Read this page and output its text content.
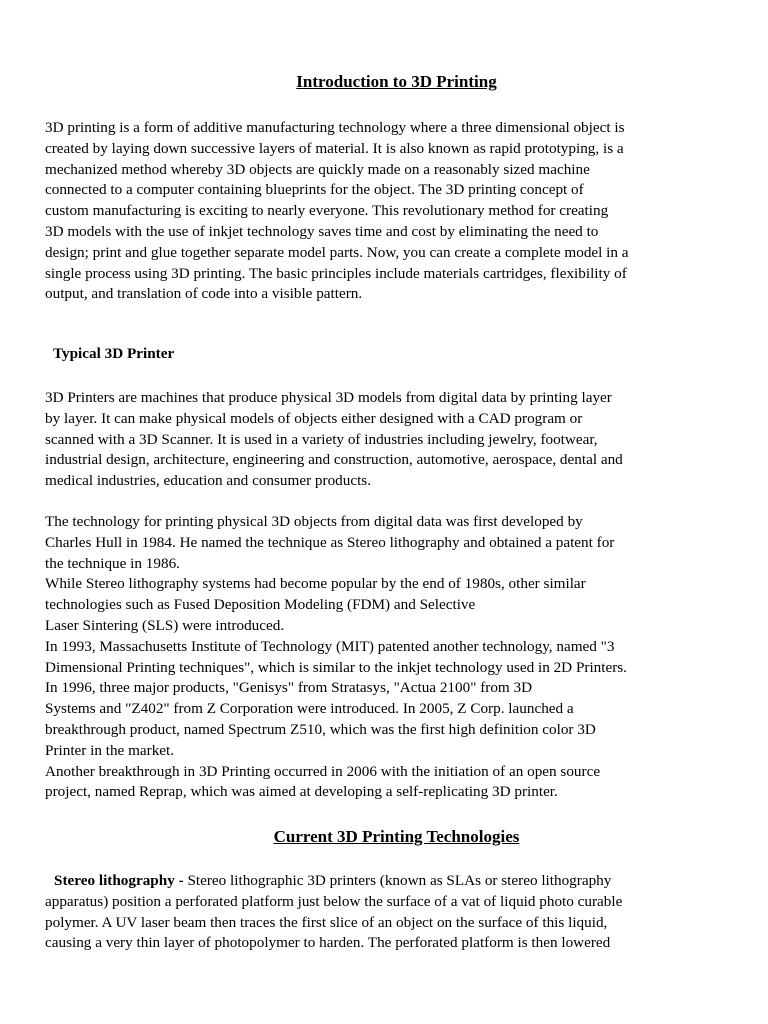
Introduction to 3D Printing

3D printing is a form of additive manufacturing technology where a three dimensional object is
created by laying down successive layers of material. It is also known as rapid prototyping, is a
mechanized method whereby 3D objects are quickly made on a reasonably sized machine
connected to a computer containing blueprints for the object. The 3D printing concept of
custom manufacturing is exciting to nearly everyone. This revolutionary method for creating
3D models with the use of inkjet technology saves time and cost by eliminating the need to
design; print and glue together separate model parts. Now, you can create a complete model in a
single process using 3D printing. The basic principles include materials cartridges, flexibility of
output, and translation of code into a visible pattern.

Typical 3D Printer

3D Printers are machines that produce physical 3D models from digital data by printing layer
by layer. It can make physical models of objects either designed with a CAD program or
scanned with a 3D Scanner. It is used in a variety of industries including jewelry, footwear,
industrial design, architecture, engineering and construction, automotive, aerospace, dental and
medical industries, education and consumer products.

The technology for printing physical 3D objects from digital data was first developed by
Charles Hull in 1984. He named the technique as Stereo lithography and obtained a patent for
the technique in 1986.
While Stereo lithography systems had become popular by the end of 1980s, other similar
technologies such as Fused Deposition Modeling (FDM) and Selective
Laser Sintering (SLS) were introduced.
In 1993, Massachusetts Institute of Technology (MIT) patented another technology, named "3
Dimensional Printing techniques", which is similar to the inkjet technology used in 2D Printers.
In 1996, three major products, "Genisys" from Stratasys, "Actua 2100" from 3D
Systems and "Z402" from Z Corporation were introduced. In 2005, Z Corp. launched a
breakthrough product, named Spectrum Z510, which was the first high definition color 3D
Printer in the market.
Another breakthrough in 3D Printing occurred in 2006 with the initiation of an open source
project, named Reprap, which was aimed at developing a self-replicating 3D printer.

Current 3D Printing Technologies

Stereo lithography - Stereo lithographic 3D printers (known as SLAs or stereo lithography
apparatus) position a perforated platform just below the surface of a vat of liquid photo curable
polymer. A UV laser beam then traces the first slice of an object on the surface of this liquid,
causing a very thin layer of photopolymer to harden. The perforated platform is then lowered
